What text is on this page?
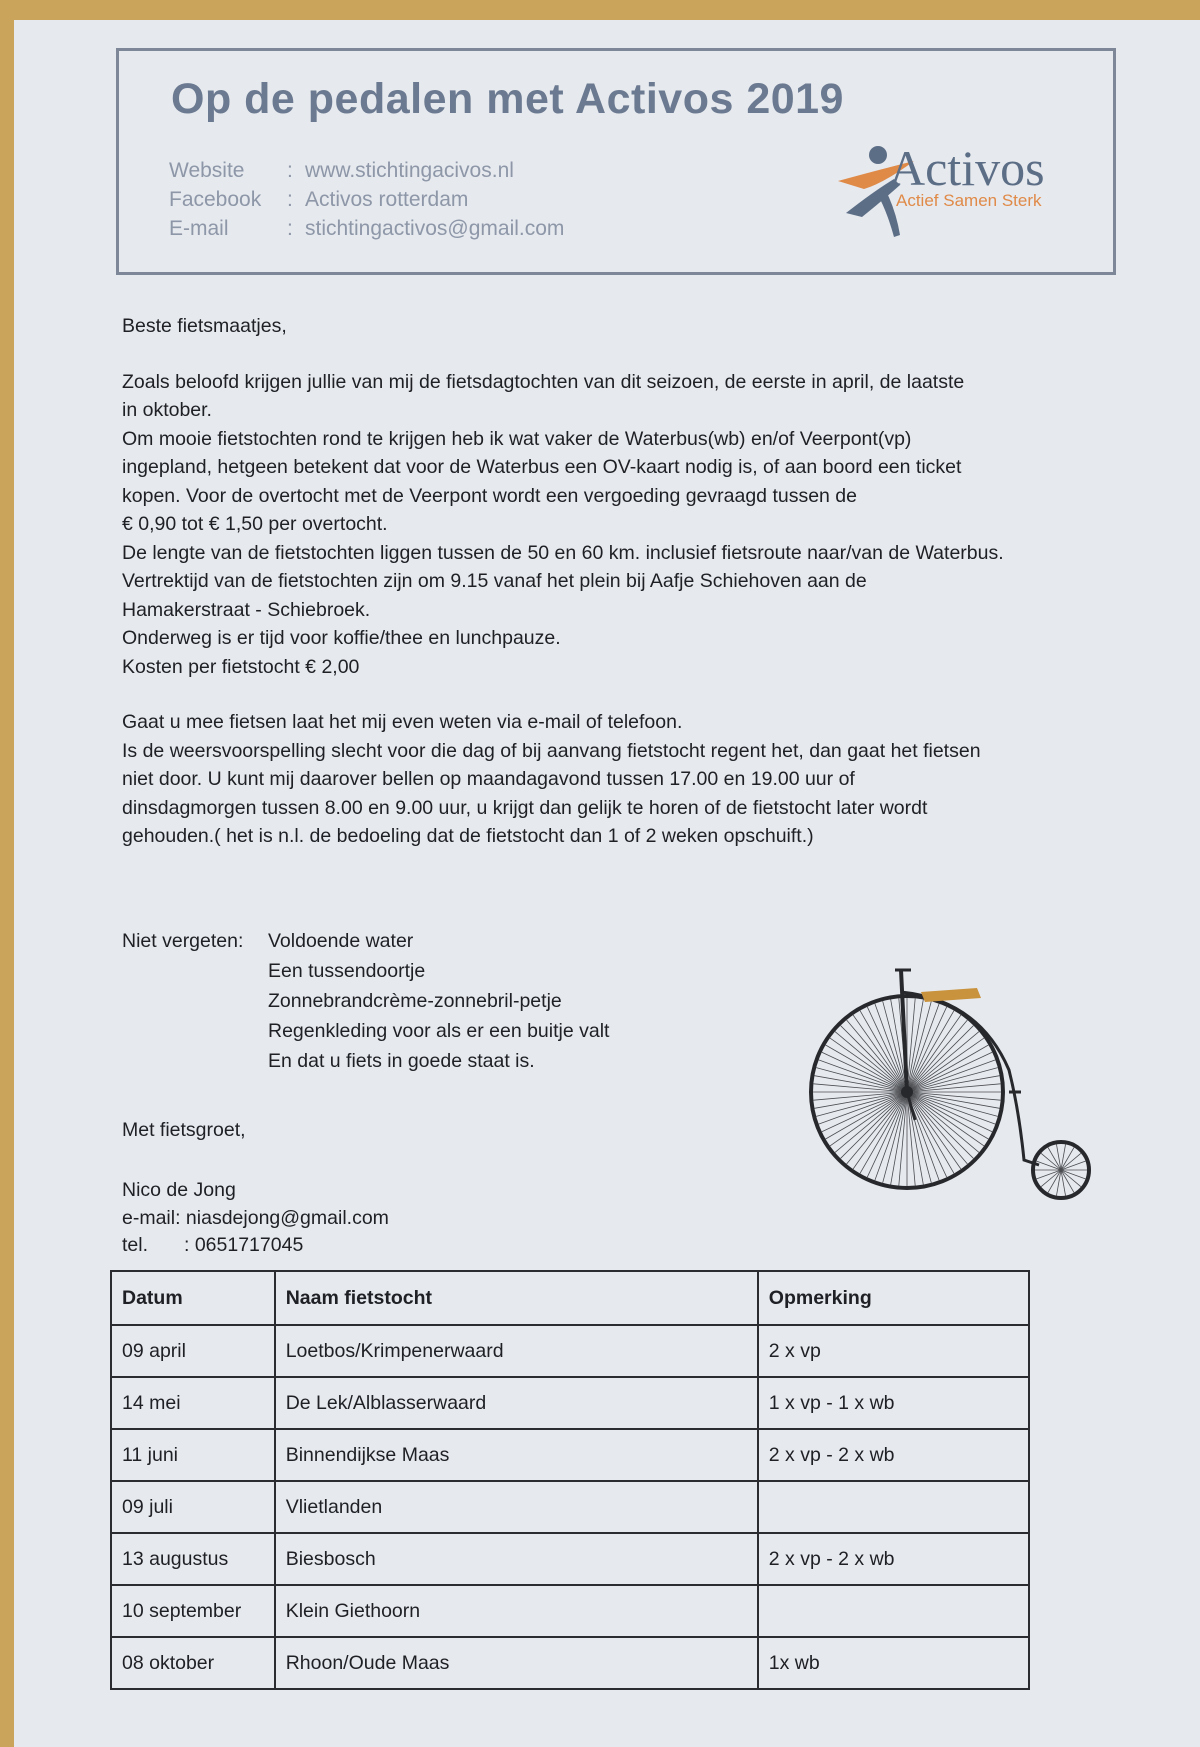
Op de pedalen met Activos 2019
Website : www.stichtingacivos.nl
Facebook : Activos rotterdam
E-mail	: stichtingactivos@gmail.com
Activos
Actief Samen Sterk

Beste fietsmaatjes,

Zoals beloofd krijgen jullie van mij de fietsdagtochten van dit seizoen, de eerste in april, de laatste

in oktober.

Om mooie fietstochten rond te krijgen heb ik wat vaker de Waterbus(wb) en/of Veerpont(vp)

ingepland, hetgeen betekent dat voor de Waterbus een OV-kaart nodig is, of aan boord een ticket

kopen. Voor de overtocht met de Veerpont wordt een vergoeding gevraagd tussen de

€ 0,90 tot € 1,50 per overtocht.

De lengte van de fietstochten liggen tussen de 50 en 60 km. inclusief fietsroute naar/van de Waterbus.

Vertrektijd van de fietstochten zijn om 9.15 vanaf het plein bij Aafje Schiehoven aan de

Hamakerstraat - Schiebroek.

Onderweg is er tijd voor koffie/thee en lunchpauze.

Kosten per fietstocht € 2,00

Gaat u mee fietsen laat het mij even weten via e-mail of telefoon.

Is de weersvoorspelling slecht voor die dag of bij aanvang fietstocht regent het, dan gaat het fietsen

niet door. U kunt mij daarover bellen op maandagavond tussen 17.00 en 19.00 uur of

dinsdagmorgen tussen 8.00 en 9.00 uur, u krijgt dan gelijk te horen of de fietstocht later wordt

gehouden.( het is n.l. de bedoeling dat de fietstocht dan 1 of 2 weken opschuift.)

Niet vergeten: Voldoende water
Een tussendoortje
Zonnebrandcrème-zonnebril-petje
Regenkleding voor als er een buitje valt
En dat u fiets in goede staat is.
Met fietsgroet,
Nico de Jong
e-mail: niasdejong@gmail.com
tel. : 0651717045
Datum	Naam fietstocht	Opmerking
09 april	Loetbos/Krimpenerwaard	2 x vp
14 mei	De Lek/Alblasserwaard	1 x vp - 1 x wb
11 juni	Binnendijkse Maas	2 x vp - 2 x wb
09 juli	Vlietlanden	
13 augustus	Biesbosch	2 x vp - 2 x wb
10 september	Klein Giethoorn	
08 oktober	Rhoon/Oude Maas	1x wb
